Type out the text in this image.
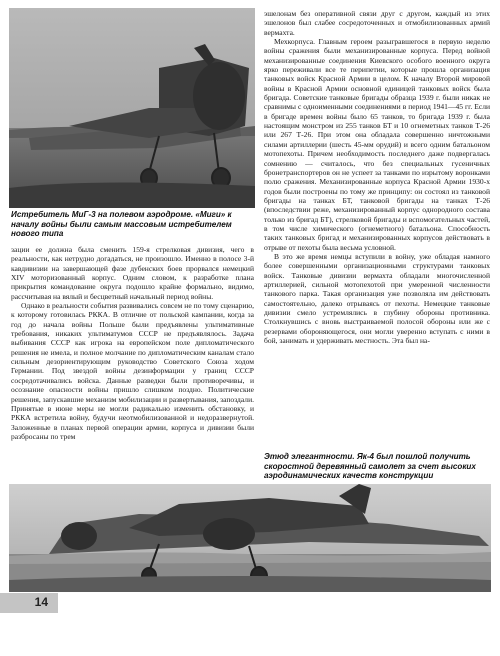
Истребитель МиГ-3 на полевом аэродроме. «Миги» к началу войны были самым массовым истребителем нового типа

зации ее должна была сменить 159-я стрелковая дивизия, чего в реальности, как нетрудно догадаться, не произошло. Именно в полосе 3-й кавдивизии на завершающей фазе дубенских боев прорвался немецкий XIV моторизованный корпус. Одним словом, к разработке плана прикрытия командование округа подошло крайне формально, видимо, рассчитывая на вялый и бесцветный начальный период войны.

Однако в реальности события развивались совсем не по тому сценарию, к которому готовилась РККА. В отличие от польской кампании, когда за год до начала войны Польше были предъявлены ультимативные требования, никаких ультиматумов СССР не предъявлялось. Задача выбивания СССР как игрока на европейском поле дипломатического решения не имела, и полное молчание по дипломатическим каналам стало сильным дезориентирующим руководство Советского Союза ходом Германии. Под звездой войны дезинформации у границ СССР сосредотачивались войска. Данные разведки были противоречивы, и осознание опасности войны пришло слишком поздно. Политические решения, запускавшие механизм мобилизации и развертывания, запоздали. Принятые в июне меры не могли радикально изменить обстановку, и РККА встретила войну, будучи неотмобилизованной и недоразвернутой. Заложенные в планах первой операции армии, корпуса и дивизии были разбросаны по трем

эшелонам без оперативной связи друг с другом, каждый из этих эшелонов был слабее сосредоточенных и отмобилизованных армий вермахта.

Мехкорпуса. Главным героем разыгравшегося в первую неделю войны сражения были механизированные корпуса. Перед войной механизированные соединения Киевского особого военного округа ярко переживали все те перипетии, которые прошла организация танковых войск Красной Армии в целом. К началу Второй мировой войны в Красной Армии основной единицей танковых войск была бригада. Советские танковые бригады образца 1939 г. были никак не сравнимы с одноименными соединениями в период 1941—45 гг. Если в бригаде времен войны было 65 танков, то бригада 1939 г. была настоящим монстром из 255 танков БТ и 10 огнеметных танков Т-26 или 267 Т-26. При этом она обладала совершенно ничтожными силами артиллерии (шесть 45-мм орудий) и всего одним батальоном мотопехоты. Причем необходимость последнего даже подвергалась сомнению — считалось, что без специальных гусеничных бронетранспортеров он не успеет за танками по изрытому воронками полю сражения. Механизированные корпуса Красной Армии 1930-х годов были построены по тому же принципу: он состоял из танковой бригады на танках БТ, танковой бригады на танках Т-26 (впоследствии реже, механизированный корпус однородного состава только из бригад БТ), стрелковой бригады и вспомогательных частей, в том числе химического (огнеметного) батальона. Способность таких танковых бригад и механизированных корпусов действовать в отрыве от пехоты была весьма условной.

В это же время немцы вступили в войну, уже обладая намного более совершенными организационными структурами танковых войск. Танковые дивизии вермахта обладали многочисленной артиллерией, сильной мотопехотой при умеренной численности танкового парка. Такая организация уже позволяла им действовать самостоятельно, далеко отрываясь от пехоты. Немецкие танковые дивизии смело устремлялись в глубину обороны противника. Столкнувшись с вновь выстраиваемой полосой обороны или же с резервами обороняющегося, они могли уверенно вступать с ними в бой, занимать и удерживать местность. Эта был на-

Этюд элегантности. Як-4 был пошлой получить скоростной деревянный самолет за счет высоких аэродинамических качеств конструкции
14
